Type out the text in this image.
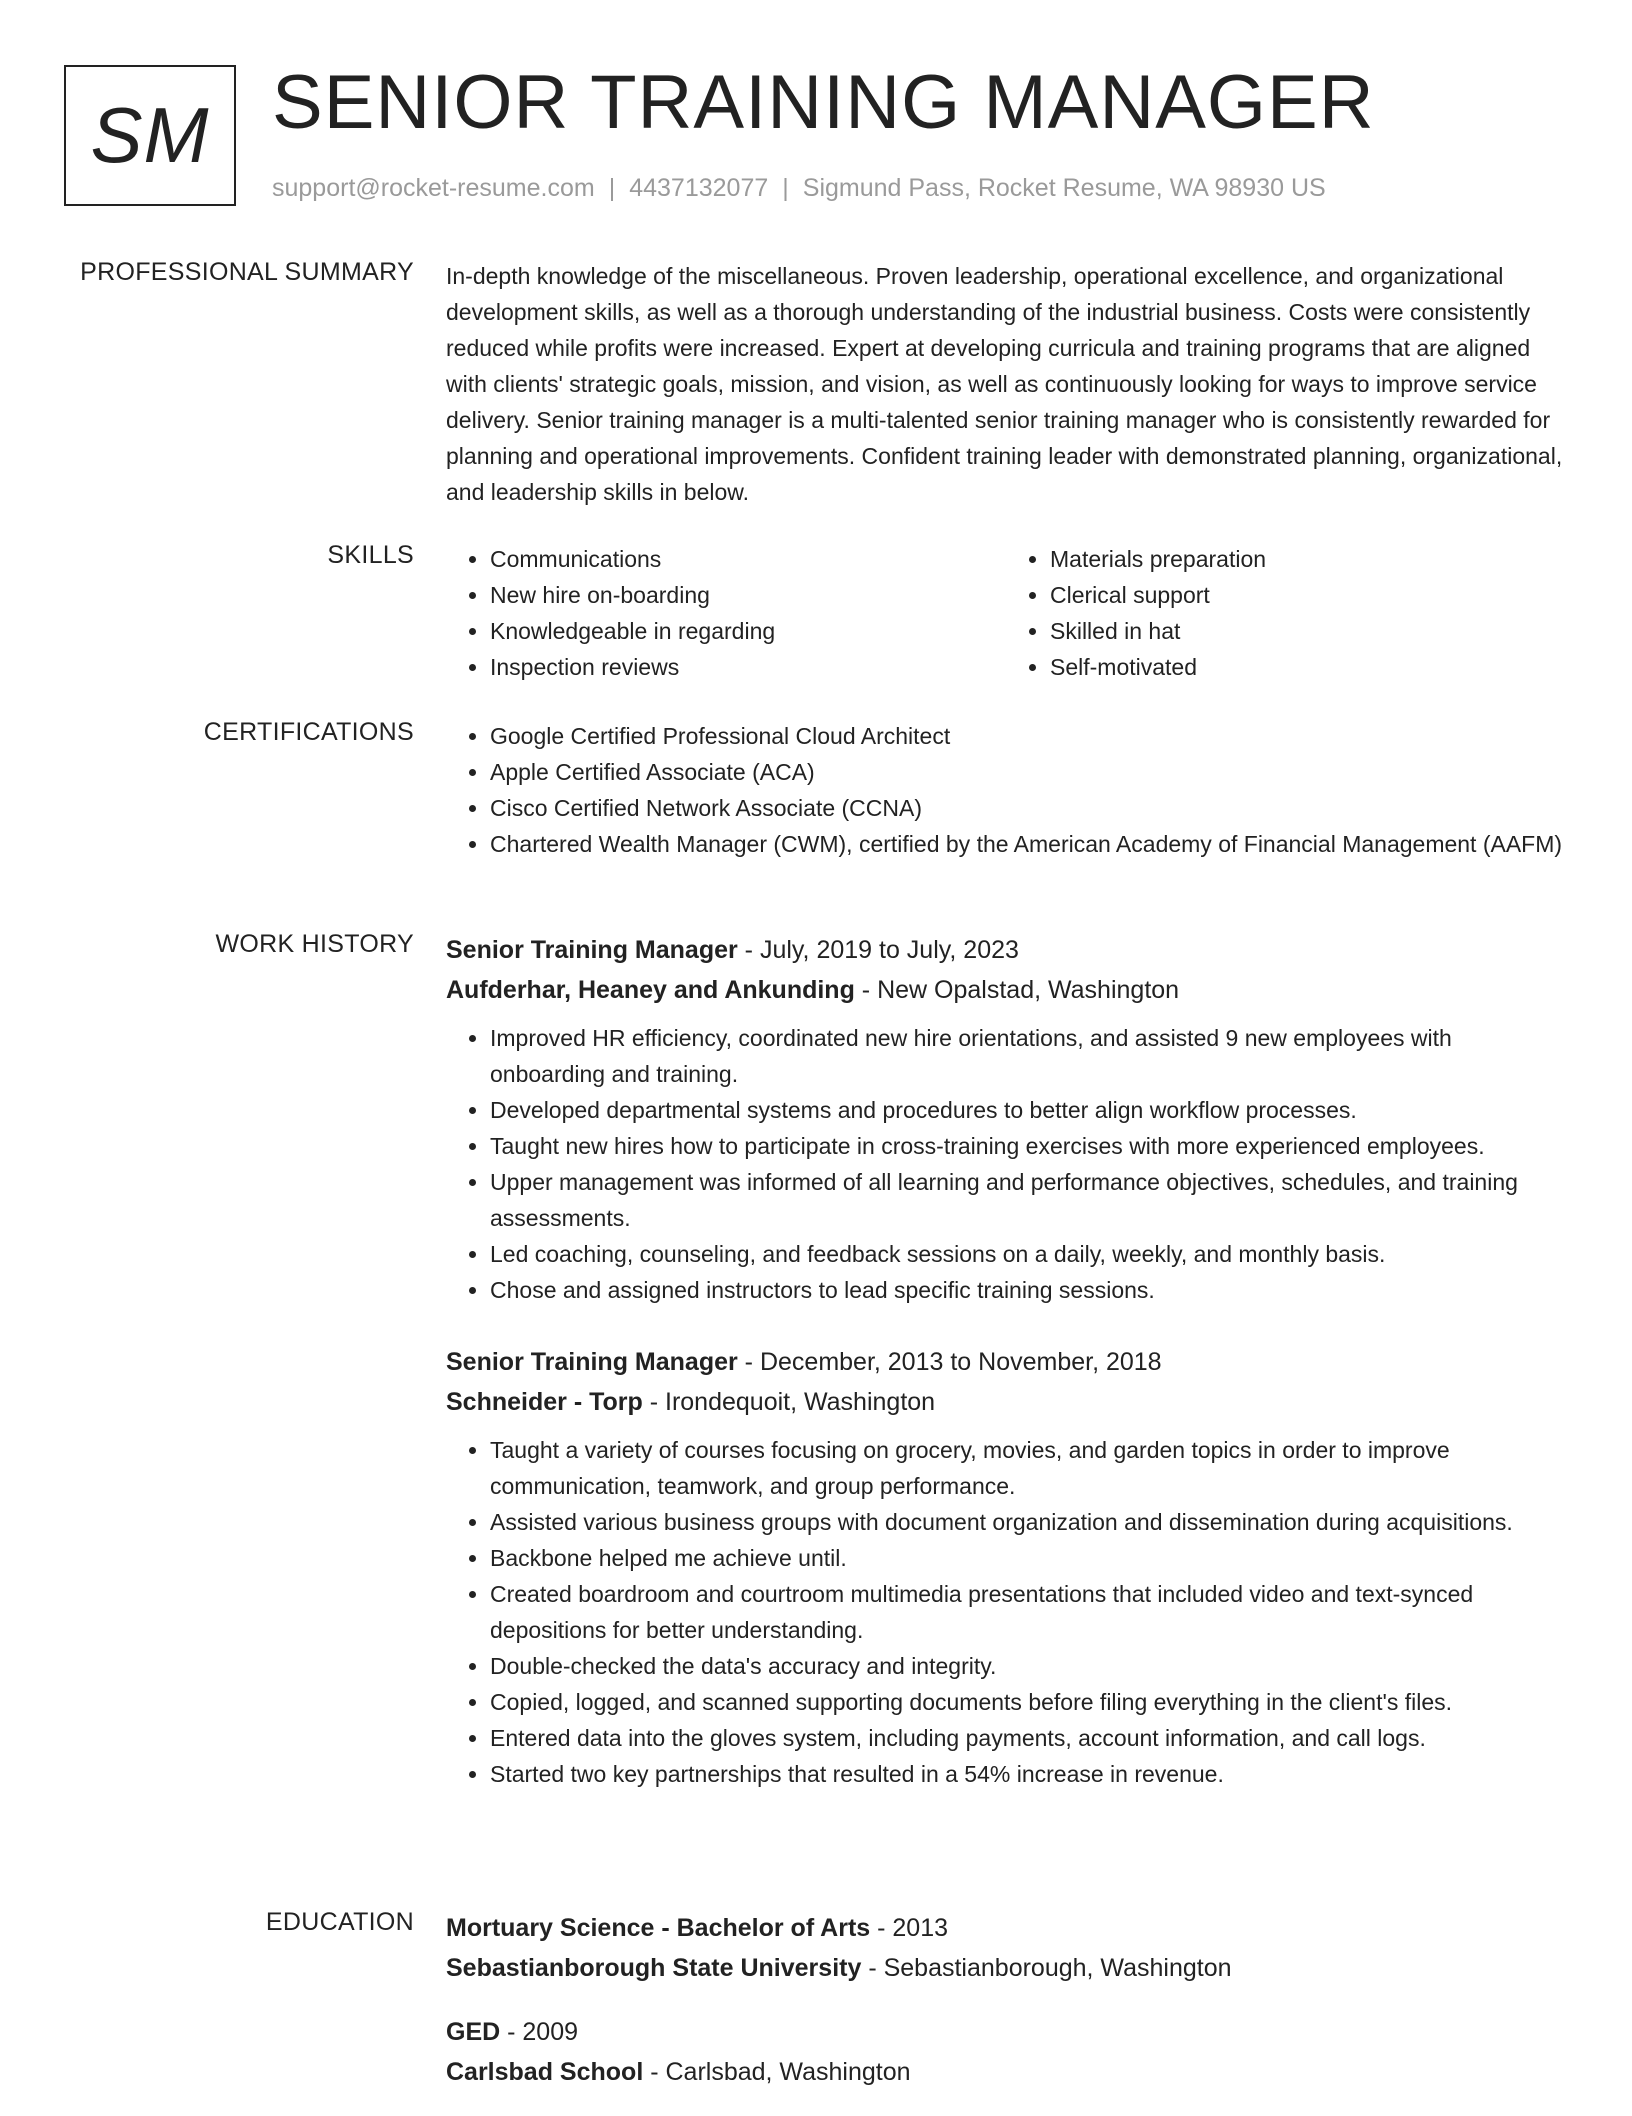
SM SENIOR TRAINING MANAGER
support@rocket-resume.com | 4437132077 | Sigmund Pass, Rocket Resume, WA 98930 US
PROFESSIONAL SUMMARY In-depth knowledge of the miscellaneous. Proven leadership, operational excellence, and organizational development skills, as well as a thorough understanding of the industrial business. Costs were consistently reduced while profits were increased. Expert at developing curricula and training programs that are aligned with clients' strategic goals, mission, and vision, as well as continuously looking for ways to improve service delivery. Senior training manager is a multi-talented senior training manager who is consistently rewarded for planning and operational improvements. Confident training leader with demonstrated planning, organizational, and leadership skills in below.

SKILLS	• Communications
• New hire on-boarding
• Knowledgeable in regarding
• Inspection reviews
• Materials preparation
• Clerical support
• Skilled in hat
• Self-motivated
CERTIFICATIONS	• Google Certified Professional Cloud Architect
• Apple Certified Associate (ACA)
• Cisco Certified Network Associate (CCNA)
• Chartered Wealth Manager (CWM), certified by the American Academy of Financial Management (AAFM)
WORK HISTORY Senior Training Manager - July, 2019 to July, 2023
Aufderhar, Heaney and Ankunding - New Opalstad, Washington
• Improved HR efficiency, coordinated new hire orientations, and assisted 9 new employees with onboarding and training.
• Developed departmental systems and procedures to better align workflow processes.
• Taught new hires how to participate in cross-training exercises with more experienced employees.
• Upper management was informed of all learning and performance objectives, schedules, and training assessments.
• Led coaching, counseling, and feedback sessions on a daily, weekly, and monthly basis.
• Chose and assigned instructors to lead specific training sessions.
Senior Training Manager - December, 2013 to November, 2018
Schneider - Torp - Irondequoit, Washington
• Taught a variety of courses focusing on grocery, movies, and garden topics in order to improve communication, teamwork, and group performance.
• Assisted various business groups with document organization and dissemination during acquisitions.
• Backbone helped me achieve until.
• Created boardroom and courtroom multimedia presentations that included video and text-synced depositions for better understanding.
• Double-checked the data's accuracy and integrity.
• Copied, logged, and scanned supporting documents before filing everything in the client's files.
• Entered data into the gloves system, including payments, account information, and call logs.
• Started two key partnerships that resulted in a 54% increase in revenue.
EDUCATION Mortuary Science - Bachelor of Arts - 2013
Sebastianborough State University - Sebastianborough, Washington
GED - 2009
Carlsbad School - Carlsbad, Washington
